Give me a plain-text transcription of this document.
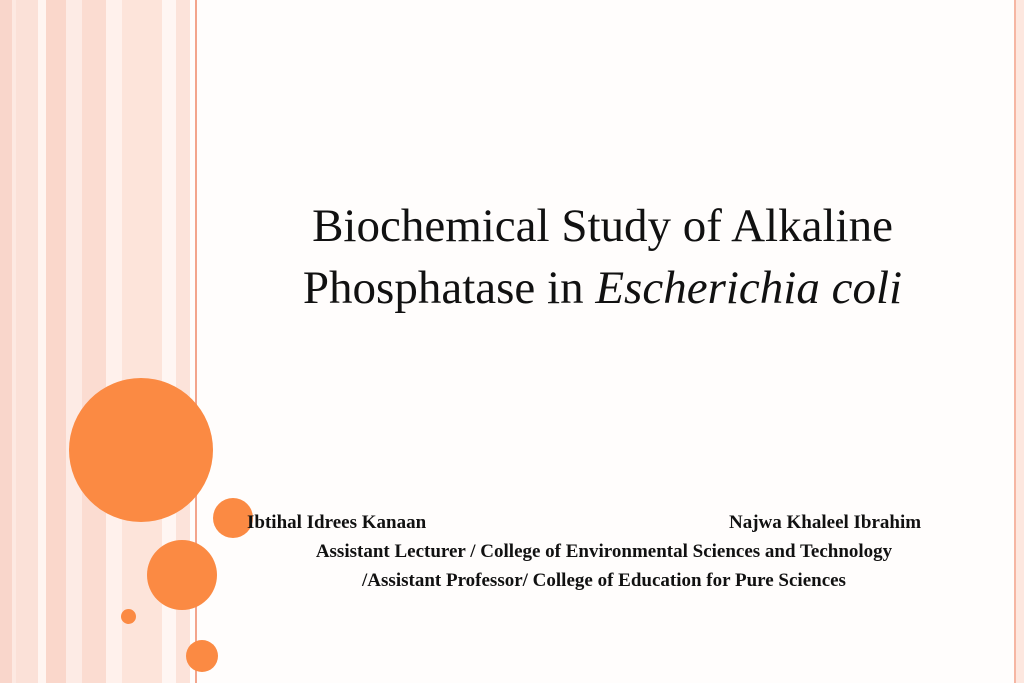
Biochemical Study of Alkaline
Phosphatase in Escherichia coli
Ibtihal Idrees Kanaan	Najwa Khaleel Ibrahim
Assistant Lecturer / College of Environmental Sciences and Technology
/Assistant Professor/ College of Education for Pure Sciences
